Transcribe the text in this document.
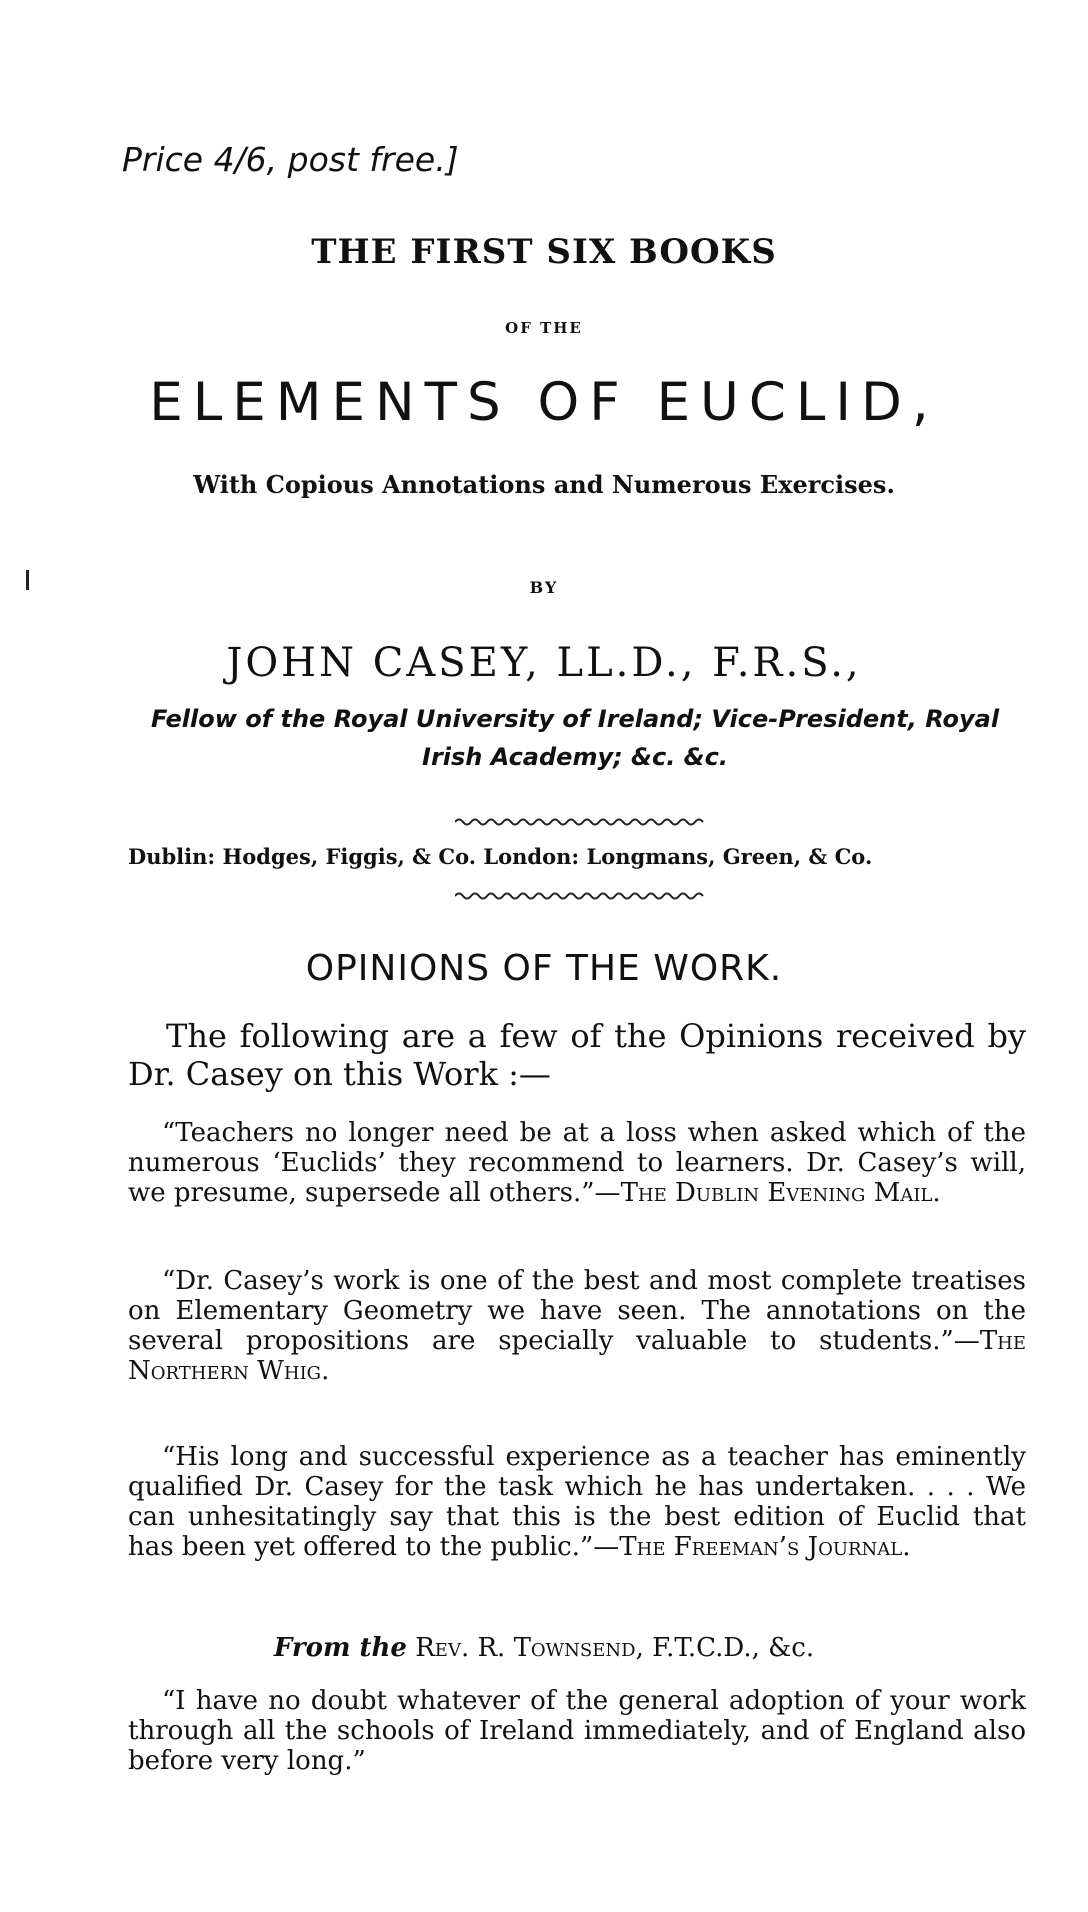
Price 4/6, post free.]
THE FIRST SIX BOOKS
OF THE
ELEMENTS OF EUCLID,
With Copious Annotations and Numerous Exercises.
BY
JOHN CASEY, LL.D., F.R.S.,
Fellow of the Royal University of Ireland; Vice-President, Royal Irish Academy; &c. &c.
Dublin: Hodges, Figgis, & Co. London: Longmans, Green, & Co.
OPINIONS OF THE WORK.
The following are a few of the Opinions received by Dr. Casey on this Work :—
“Teachers no longer need be at a loss when asked which of the numerous ‘Euclids’ they recommend to learners. Dr. Casey’s will, we presume, supersede all others.”—The Dublin Evening Mail.
“Dr. Casey’s work is one of the best and most complete treatises on Elementary Geometry we have seen. The annotations on the several propositions are specially valuable to students.”—The Northern Whig.
“His long and successful experience as a teacher has eminently qualified Dr. Casey for the task which he has undertaken. . . . We can unhesitatingly say that this is the best edition of Euclid that has been yet offered to the public.”—The Freeman’s Journal.
From the Rev. R. Townsend, F.T.C.D., &c.
“I have no doubt whatever of the general adoption of your work through all the schools of Ireland immediately, and of England also before very long.”
